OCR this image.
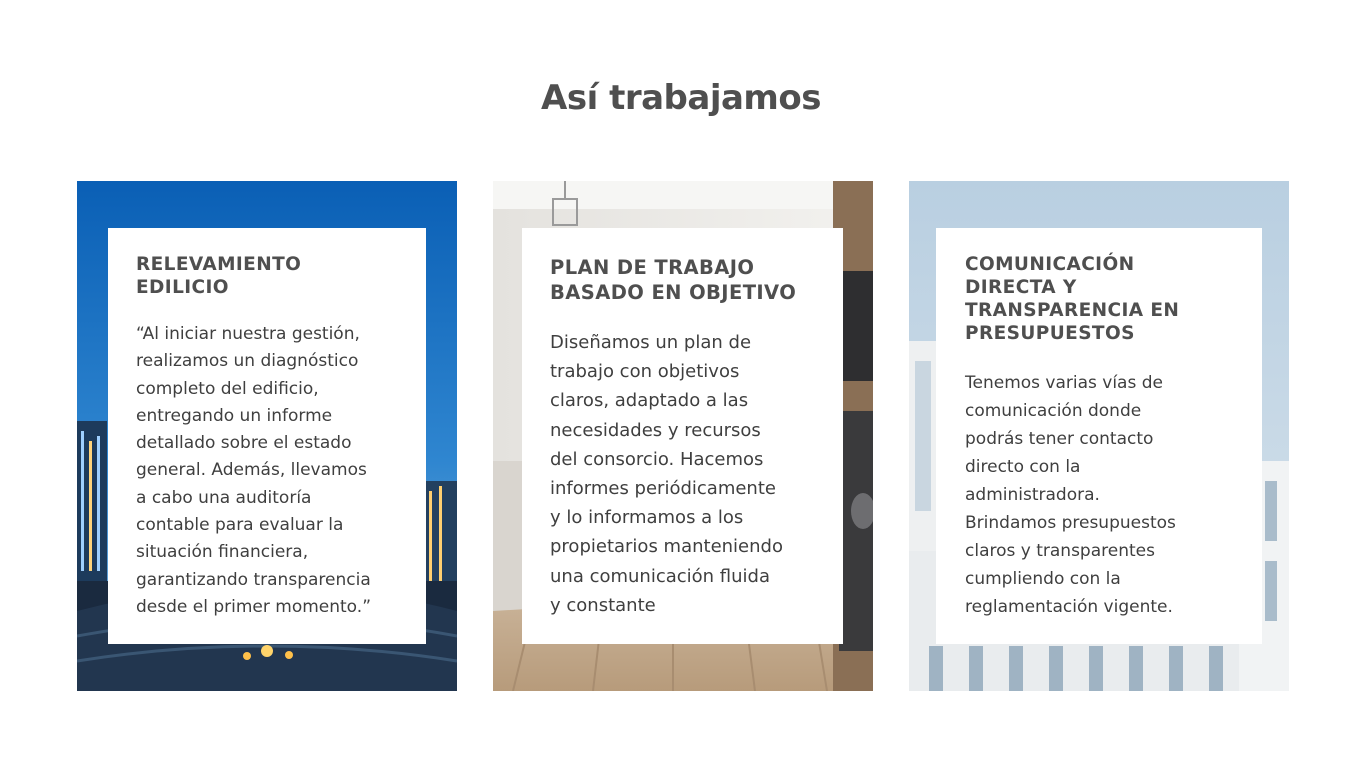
Así trabajamos
RELEVAMIENTO
EDILICIO

“Al iniciar nuestra gestión,
realizamos un diagnóstico
completo del edificio,
entregando un informe
detallado sobre el estado
general. Además, llevamos
a cabo una auditoría
contable para evaluar la
situación financiera,
garantizando transparencia
desde el primer momento.”

PLAN DE TRABAJO
BASADO EN OBJETIVO

Diseñamos un plan de
trabajo con objetivos
claros, adaptado a las
necesidades y recursos
del consorcio. Hacemos
informes periódicamente
y lo informamos a los
propietarios manteniendo
una comunicación fluida
y constante

COMUNICACIÓN
DIRECTA Y
TRANSPARENCIA EN
PRESUPUESTOS

Tenemos varias vías de
comunicación donde
podrás tener contacto
directo con la
administradora.
Brindamos presupuestos
claros y transparentes
cumpliendo con la
reglamentación vigente.
